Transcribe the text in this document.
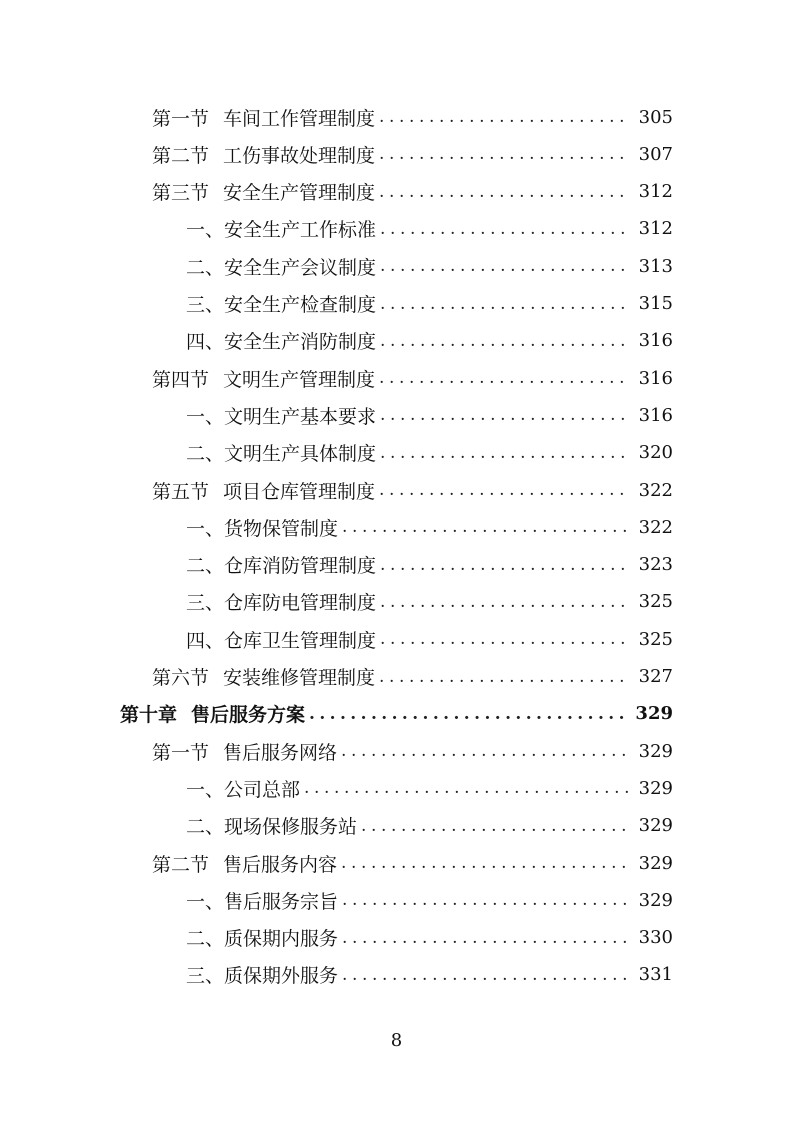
第一节 车间工作管理制度 .....	305
第二节 工伤事故处理制度 .....	307
第三节 安全生产管理制度 .....	312
一、安全生产工作标准 .....	312
二、安全生产会议制度 .....	313
三、安全生产检查制度 .....	315
四、安全生产消防制度 .....	316
第四节 文明生产管理制度 .....	316
一、文明生产基本要求 .....	316
二、文明生产具体制度 .....	320
第五节 项目仓库管理制度 .....	322
一、货物保管制度 .....	322
二、仓库消防管理制度 .....	323
三、仓库防电管理制度 .....	325
四、仓库卫生管理制度 .....	325
第六节 安装维修管理制度 .....	327
第十章 售后服务方案 .....	329
第一节 售后服务网络 .....	329
一、公司总部 .....	329
二、现场保修服务站 .....	329
第二节 售后服务内容 .....	329
一、售后服务宗旨 .....	329
二、质保期内服务 .....	330
三、质保期外服务 .....	331
8
